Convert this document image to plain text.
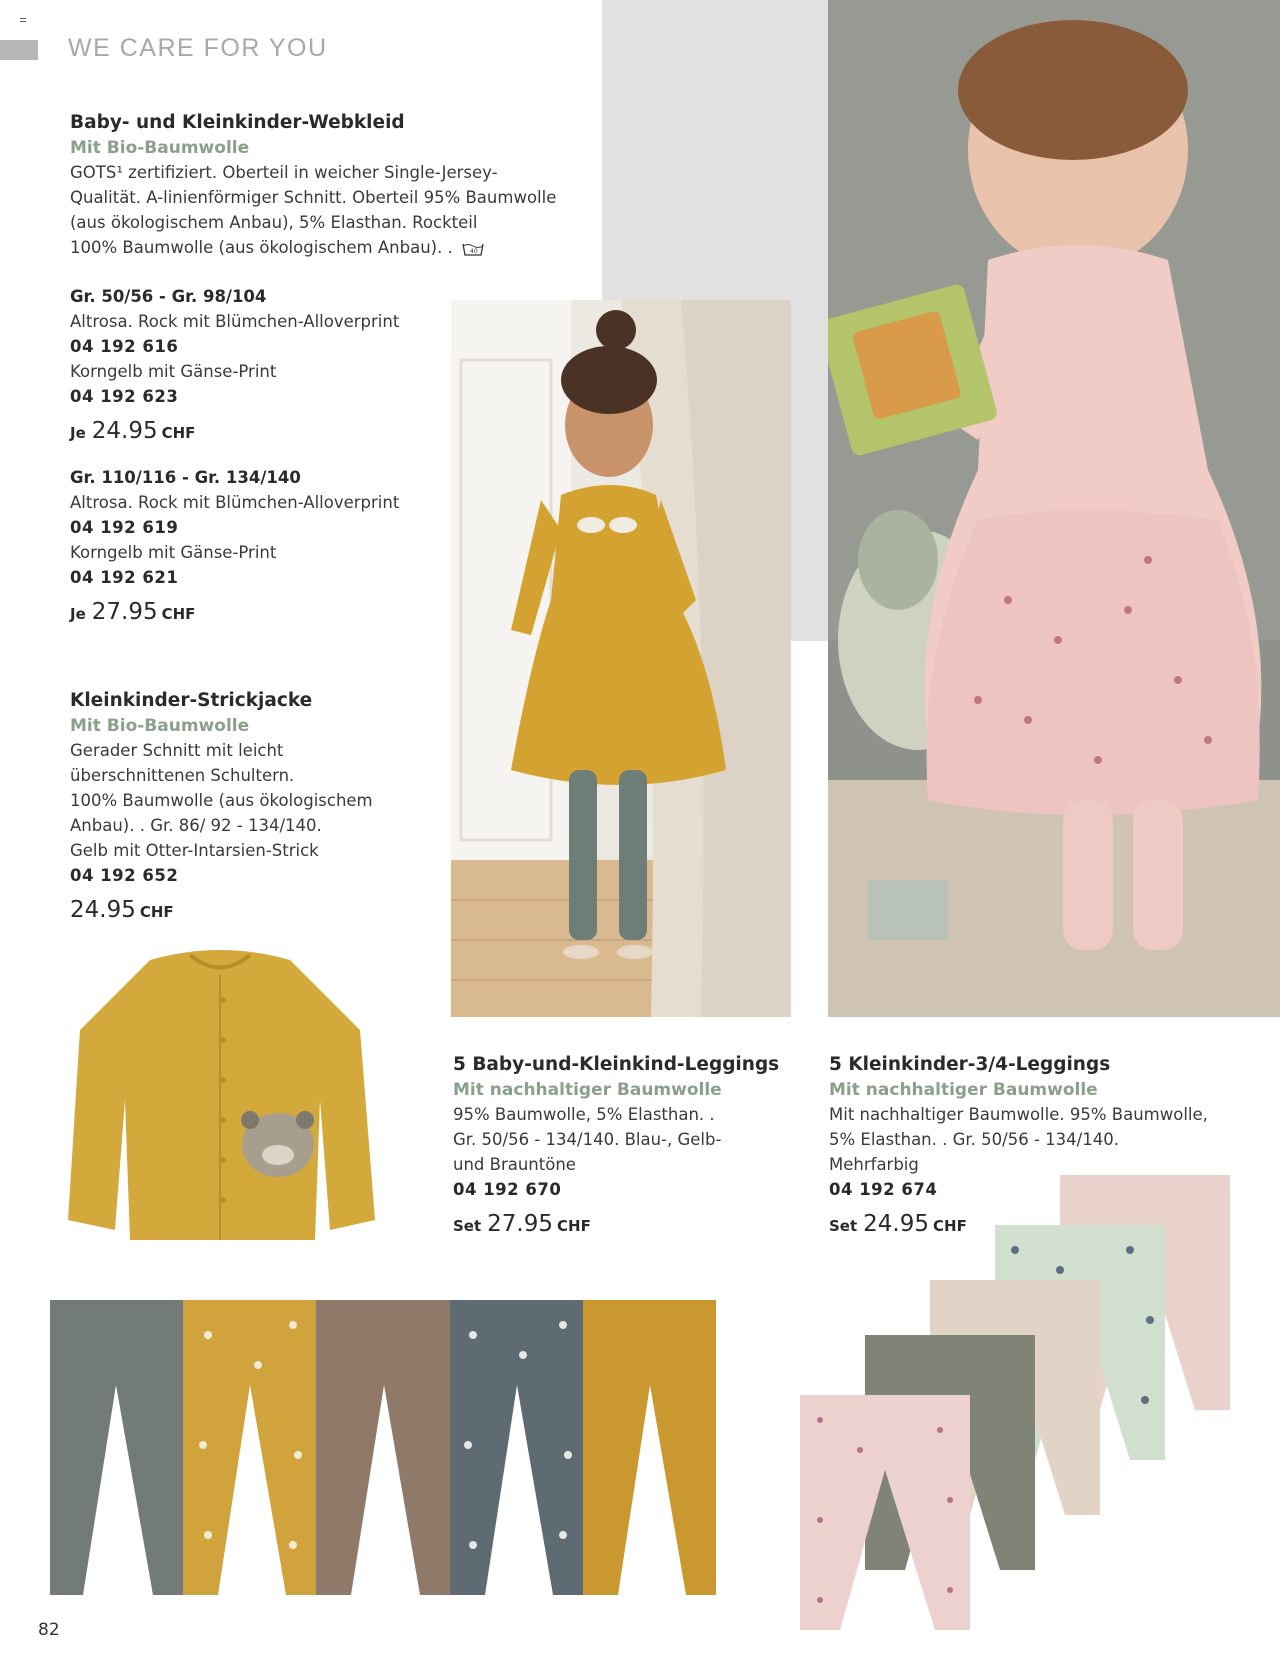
WE CARE FOR YOU
Baby- und Kleinkinder-Webkleid
Mit Bio-Baumwolle
GOTS¹ zertifiziert. Oberteil in weicher Single-Jersey-
Qualität. A-linienförmiger Schnitt. Oberteil 95% Baumwolle
(aus ökologischem Anbau), 5% Elasthan. Rockteil
100% Baumwolle (aus ökologischem Anbau). .	40
Gr. 50/56 - Gr. 98/104
Altrosa. Rock mit Blümchen-Alloverprint
04 192 616
Korngelb mit Gänse-Print
04 192 623
Je 24.95 CHF
Gr. 110/116 - Gr. 134/140
Altrosa. Rock mit Blümchen-Alloverprint
04 192 619
Korngelb mit Gänse-Print
04 192 621
Je 27.95 CHF
Kleinkinder-Strickjacke
Mit Bio-Baumwolle
Gerader Schnitt mit leicht
überschnittenen Schultern.
100% Baumwolle (aus ökologischem
Anbau). . Gr. 86/ 92 - 134/140.
Gelb mit Otter-Intarsien-Strick
04 192 652
24.95 CHF
5 Baby-und-Kleinkind-Leggings
Mit nachhaltiger Baumwolle
95% Baumwolle, 5% Elasthan. .
Gr. 50/56 - 134/140. Blau-, Gelb-
und Brauntöne
04 192 670
Set 27.95 CHF
5 Kleinkinder-3/4-Leggings
Mit nachhaltiger Baumwolle
Mit nachhaltiger Baumwolle. 95% Baumwolle,
5% Elasthan. . Gr. 50/56 - 134/140.
Mehrfarbig
04 192 674
Set 24.95 CHF
82
